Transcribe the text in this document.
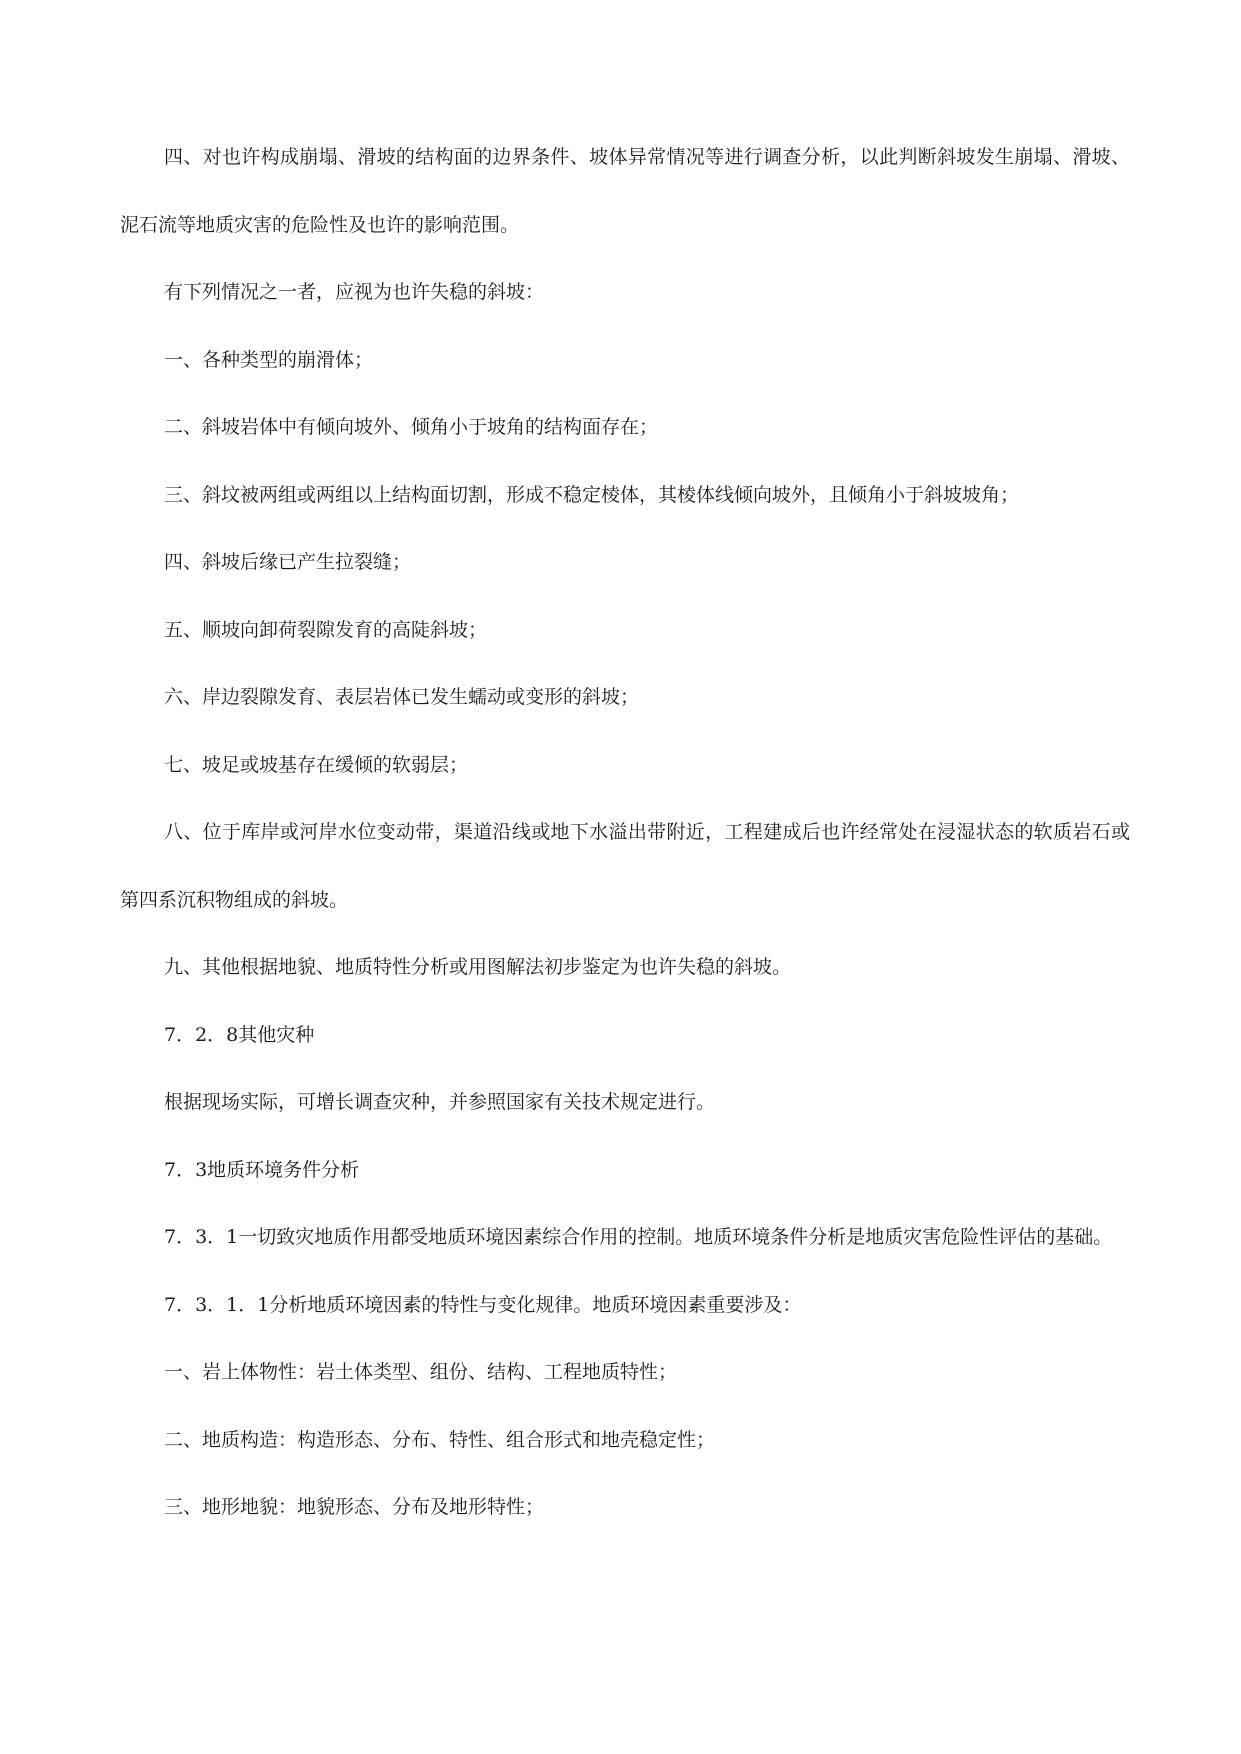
四、对也许构成崩塌、滑坡的结构面的边界条件、坡体异常情况等进行调查分析，以此判断斜坡发生崩塌、滑坡、泥石流等地质灾害的危险性及也许的影响范围。

有下列情况之一者，应视为也许失稳的斜坡：

一、各种类型的崩滑体；

二、斜坡岩体中有倾向坡外、倾角小于坡角的结构面存在；

三、斜坟被两组或两组以上结构面切割，形成不稳定棱体，其棱体线倾向坡外，且倾角小于斜坡坡角；

四、斜坡后缘已产生拉裂缝；

五、顺坡向卸荷裂隙发育的高陡斜坡；

六、岸边裂隙发育、表层岩体已发生蠕动或变形的斜坡；

七、坡足或坡基存在缓倾的软弱层；

八、位于库岸或河岸水位变动带，渠道沿线或地下水溢出带附近，工程建成后也许经常处在浸湿状态的软质岩石或第四系沉积物组成的斜坡。

九、其他根据地貌、地质特性分析或用图解法初步鉴定为也许失稳的斜坡。

7．2．8其他灾种

根据现场实际，可增长调查灾种，并参照国家有关技术规定进行。

7．3地质环境务件分析

7．3．1一切致灾地质作用都受地质环境因素综合作用的控制。地质环境条件分析是地质灾害危险性评估的基础。

7．3．1．1分析地质环境因素的特性与变化规律。地质环境因素重要涉及：

一、岩上体物性：岩土体类型、组份、结构、工程地质特性；

二、地质构造：构造形态、分布、特性、组合形式和地壳稳定性；

三、地形地貌：地貌形态、分布及地形特性；
